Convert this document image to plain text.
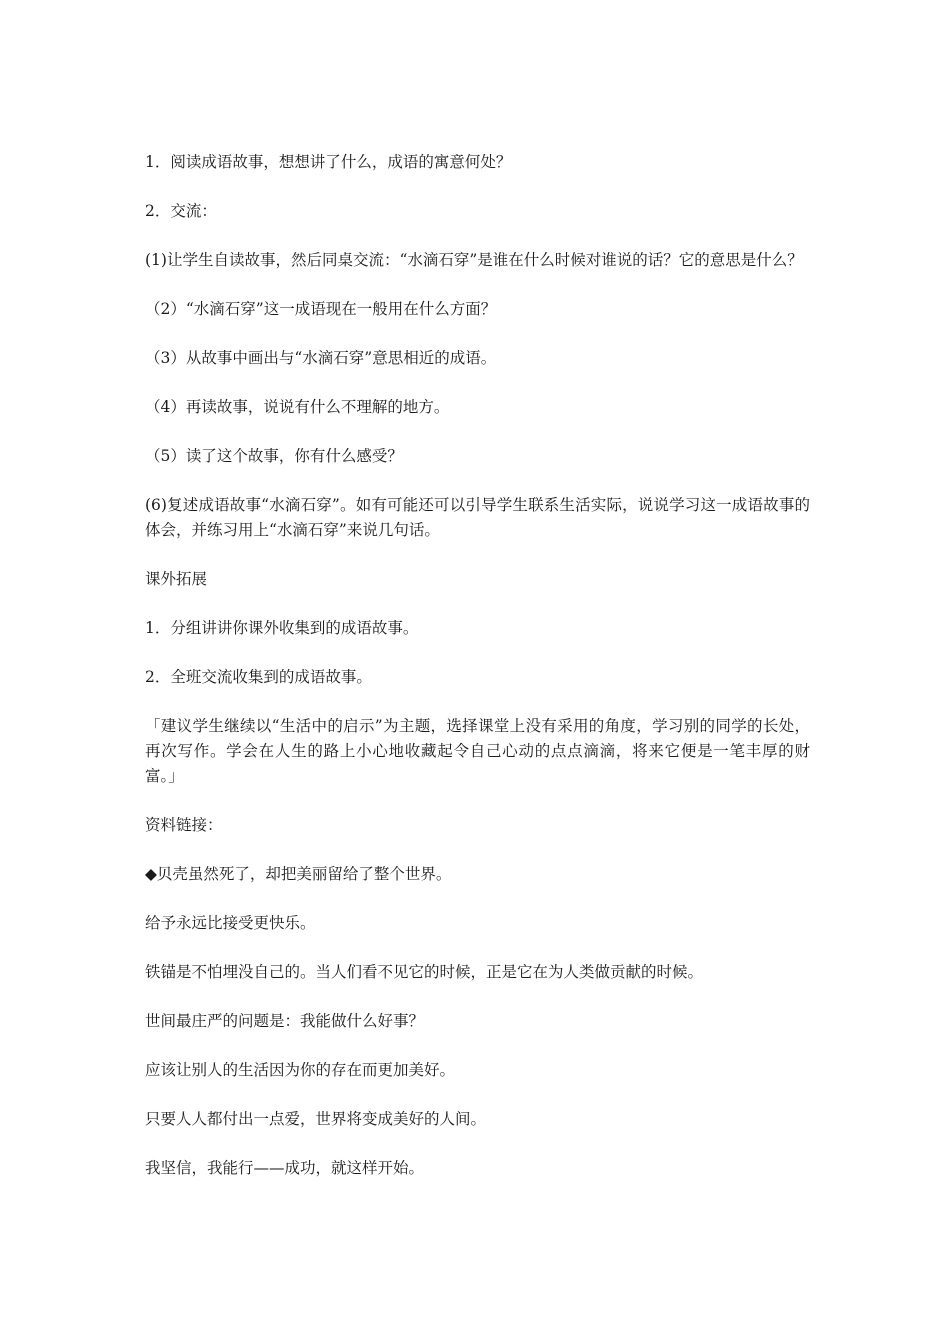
1．阅读成语故事，想想讲了什么，成语的寓意何处？

2．交流：

(1)让学生自读故事，然后同桌交流：“水滴石穿”是谁在什么时候对谁说的话？它的意思是什么？

（2）“水滴石穿”这一成语现在一般用在什么方面？

（3）从故事中画出与“水滴石穿”意思相近的成语。

（4）再读故事，说说有什么不理解的地方。

（5）读了这个故事，你有什么感受？

(6)复述成语故事“水滴石穿”。如有可能还可以引导学生联系生活实际，说说学习这一成语故事的体会，并练习用上“水滴石穿”来说几句话。

课外拓展

1．分组讲讲你课外收集到的成语故事。

2．全班交流收集到的成语故事。

「建议学生继续以“生活中的启示”为主题，选择课堂上没有采用的角度，学习别的同学的长处，再次写作。学会在人生的路上小心地收藏起令自己心动的点点滴滴，将来它便是一笔丰厚的财富。」

资料链接：

◆贝壳虽然死了，却把美丽留给了整个世界。

给予永远比接受更快乐。

铁锚是不怕埋没自己的。当人们看不见它的时候，正是它在为人类做贡献的时候。

世间最庄严的问题是：我能做什么好事？

应该让别人的生活因为你的存在而更加美好。

只要人人都付出一点爱，世界将变成美好的人间。

我坚信，我能行——成功，就这样开始。
